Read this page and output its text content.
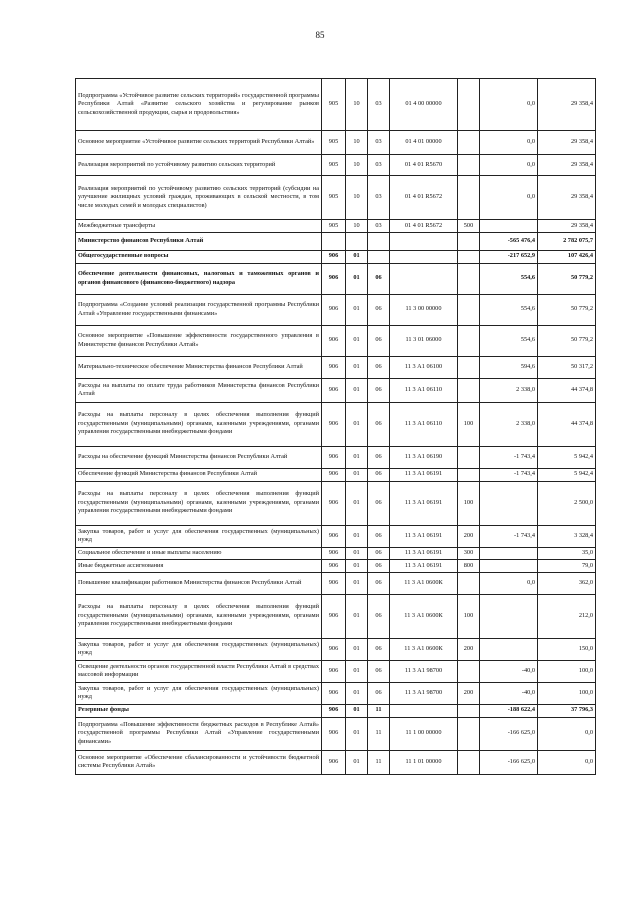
85
Подпрограмма «Устойчивое развитие сельских территорий» государственной программы Республики Алтай «Развитие сельского хозяйства и регулирование рынков сельскохозяйственной продукции, сырья и продовольствия»	905	10	03	01 4 00 00000		0,0	29 358,4
Основное мероприятие «Устойчивое развитие сельских территорий Республики Алтай»	905	10	03	01 4 01 00000		0,0	29 358,4
Реализация мероприятий по устойчивому развитию сельских территорий	905	10	03	01 4 01 R5670		0,0	29 358,4
Реализация мероприятий по устойчивому развитию сельских территорий (субсидии на улучшение жилищных условий граждан, проживающих в сельской местности, в том числе молодых семей и молодых специалистов)	905	10	03	01 4 01 R5672		0,0	29 358,4
Межбюджетные трансферты	905	10	03	01 4 01 R5672	500		29 358,4
Министерство финансов Республики Алтай						-565 476,4	2 782 075,7
Общегосударственные вопросы	906	01				-217 652,9	107 426,4
Обеспечение деятельности финансовых, налоговых и таможенных органов и органов финансового (финансово-бюджетного) надзора	906	01	06			554,6	50 779,2
Подпрограмма «Создание условий реализации государственной программы Республики Алтай «Управление государственными финансами»	906	01	06	11 3 00 00000		554,6	50 779,2
Основное мероприятие «Повышение эффективности государственного управления в Министерстве финансов Республики Алтай»	906	01	06	11 3 01 06000		554,6	50 779,2
Материально-техническое обеспечение Министерства финансов Республики Алтай	906	01	06	11 3 А1 06100		594,6	50 317,2
Расходы на выплаты по оплате труда работников Министерства финансов Республики Алтай	906	01	06	11 3 А1 06110		2 338,0	44 374,8
Расходы на выплаты персоналу в целях обеспечения выполнения функций государственными (муниципальными) органами, казенными учреждениями, органами управления государственными внебюджетными фондами	906	01	06	11 3 А1 06110	100	2 338,0	44 374,8
Расходы на обеспечение функций Министерства финансов Республики Алтай	906	01	06	11 3 А1 06190		-1 743,4	5 942,4
Обеспечение функций Министерства финансов Республики Алтай	906	01	06	11 3 А1 06191		-1 743,4	5 942,4
Расходы на выплаты персоналу в целях обеспечения выполнения функций государственными (муниципальными) органами, казенными учреждениями, органами управления государственными внебюджетными фондами	906	01	06	11 3 А1 06191	100		2 500,0
Закупка товаров, работ и услуг для обеспечения государственных (муниципальных) нужд	906	01	06	11 3 А1 06191	200	-1 743,4	3 328,4
Социальное обеспечение и иные выплаты населению	906	01	06	11 3 А1 06191	300		35,0
Иные бюджетные ассигнования	906	01	06	11 3 А1 06191	800		79,0
Повышение квалификации работников Министерства финансов Республики Алтай	906	01	06	11 3 А1 0600К		0,0	362,0
Расходы на выплаты персоналу в целях обеспечения выполнения функций государственными (муниципальными) органами, казенными учреждениями, органами управления государственными внебюджетными фондами	906	01	06	11 3 А1 0600К	100		212,0
Закупка товаров, работ и услуг для обеспечения государственных (муниципальных) нужд	906	01	06	11 3 А1 0600К	200		150,0
Освещение деятельности органов государственной власти Республики Алтай в средствах массовой информации	906	01	06	11 3 А1 98700		-40,0	100,0
Закупка товаров, работ и услуг для обеспечения государственных (муниципальных) нужд	906	01	06	11 3 А1 98700	200	-40,0	100,0
Резервные фонды	906	01	11			-188 622,4	37 796,3
Подпрограмма «Повышение эффективности бюджетных расходов в Республике Алтай» государственной программы Республики Алтай «Управление государственными финансами»	906	01	11	11 1 00 00000		-166 625,0	0,0
Основное мероприятие «Обеспечение сбалансированности и устойчивости бюджетной системы Республики Алтай»	906	01	11	11 1 01 00000		-166 625,0	0,0
